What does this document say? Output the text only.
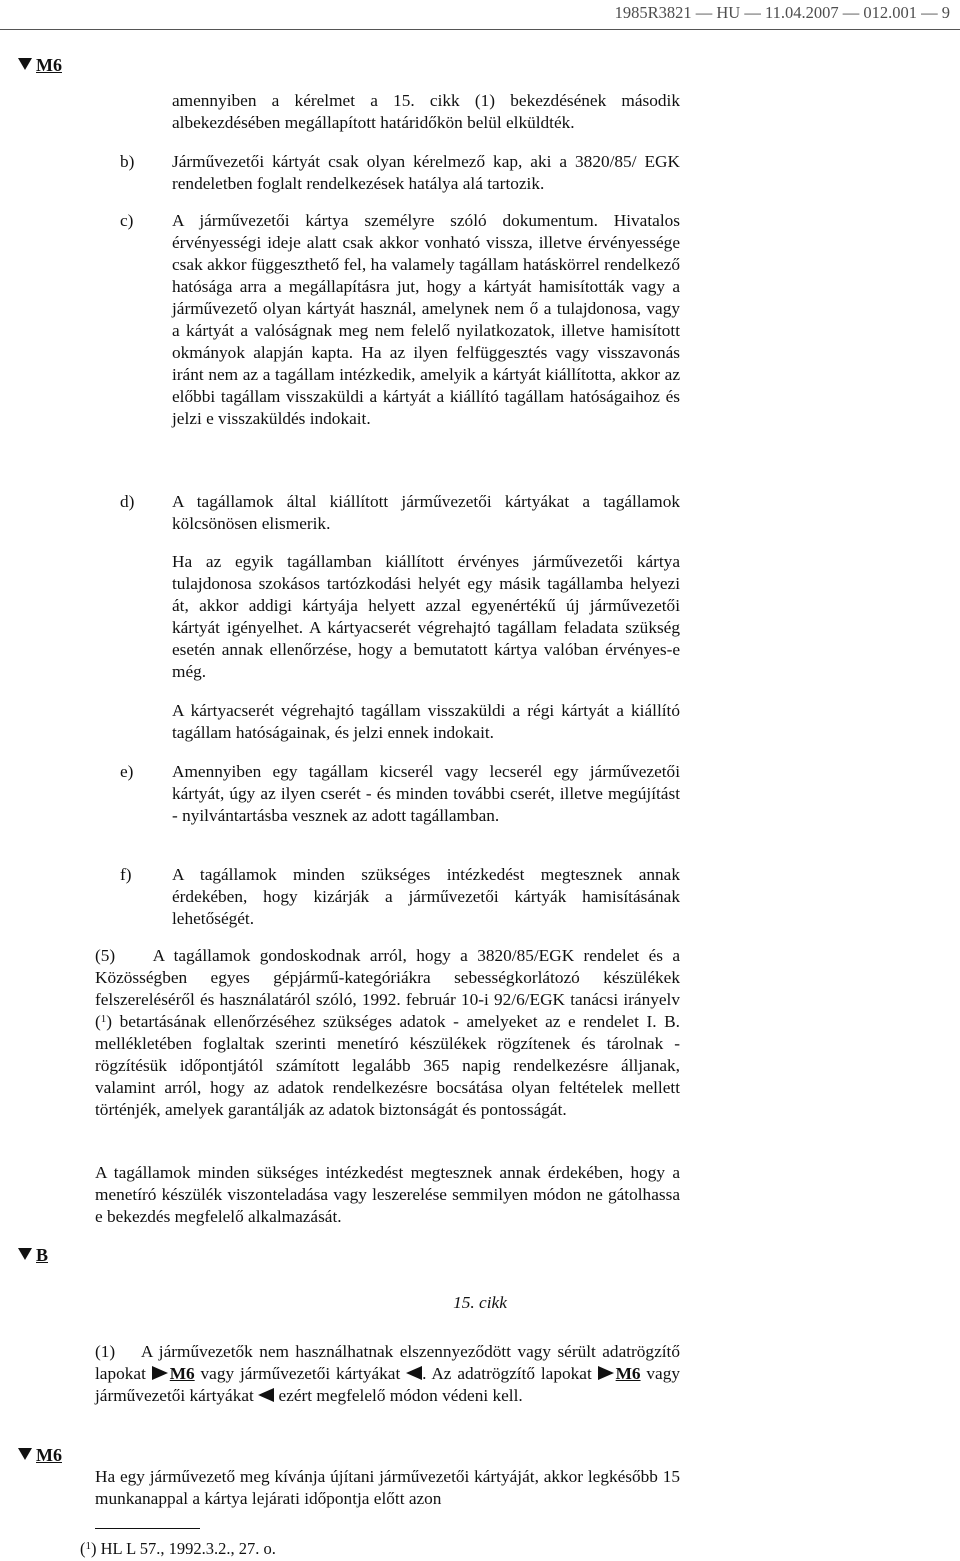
1985R3821 — HU — 11.04.2007 — 012.001 — 9
M6
B
M6

amennyiben a kérelmet a 15. cikk (1) bekezdésének második albekezdésében megállapított határidőkön belül elküldték.

b) Járművezetői kártyát csak olyan kérelmező kap, aki a 3820/85/ EGK rendeletben foglalt rendelkezések hatálya alá tartozik.

c) A járművezetői kártya személyre szóló dokumentum. Hivatalos érvényességi ideje alatt csak akkor vonható vissza, illetve érvényessége csak akkor függeszthető fel, ha valamely tagállam hatáskörrel rendelkező hatósága arra a megállapításra jut, hogy a kártyát hamisították vagy a járművezető olyan kártyát használ, amelynek nem ő a tulajdonosa, vagy a kártyát a valóságnak meg nem felelő nyilatkozatok, illetve hamisított okmányok alapján kapta. Ha az ilyen felfüggesztés vagy visszavonás iránt nem az a tagállam intézkedik, amelyik a kártyát kiállította, akkor az előbbi tagállam visszaküldi a kártyát a kiállító tagállam hatóságaihoz és jelzi e visszaküldés indokait.

d) A tagállamok által kiállított járművezetői kártyákat a tagállamok kölcsönösen elismerik.

Ha az egyik tagállamban kiállított érvényes járművezetői kártya tulajdonosa szokásos tartózkodási helyét egy másik tagállamba helyezi át, akkor addigi kártyája helyett azzal egyenértékű új járművezetői kártyát igényelhet. A kártyacserét végrehajtó tagállam feladata szükség esetén annak ellenőrzése, hogy a bemutatott kártya valóban érvényes-e még.

A kártyacserét végrehajtó tagállam visszaküldi a régi kártyát a kiállító tagállam hatóságainak, és jelzi ennek indokait.

e) Amennyiben egy tagállam kicserél vagy lecserél egy járművezetői kártyát, úgy az ilyen cserét - és minden további cserét, illetve megújítást - nyilvántartásba vesznek az adott tagállamban.

f) A tagállamok minden szükséges intézkedést megtesznek annak érdekében, hogy kizárják a járművezetői kártyák hamisításának lehetőségét.

(5) A tagállamok gondoskodnak arról, hogy a 3820/85/EGK rendelet és a Közösségben egyes gépjármű-kategóriákra sebességkorlátozó készülékek felszereléséről és használatáról szóló, 1992. február 10-i 92/6/EGK tanácsi irányelv ($^1$) betartásának ellenőrzéséhez szükséges adatok - amelyeket az e rendelet I. B. mellékletében foglaltak szerinti menetíró készülékek rögzítenek és tárolnak - rögzítésük időpontjától számított legalább 365 napig rendelkezésre álljanak, valamint arról, hogy az adatok rendelkezésre bocsátása olyan feltételek mellett történjék, amelyek garantálják az adatok biztonságát és pontosságát.

A tagállamok minden sükséges intézkedést megtesznek annak érdekében, hogy a menetíró készülék viszonteladása vagy leszerelése semmilyen módon ne gátolhassa e bekezdés megfelelő alkalmazását.

15. cikk

(1) A járművezetők nem használhatnak elszennyeződött vagy sérült adatrögzítő lapokat M6 vagy járművezetői kártyákat . Az adatrögzítő lapokat M6 vagy járművezetői kártyákat ezért megfelelő módon védeni kell.

Ha egy járművezető meg kívánja újítani járművezetői kártyáját, akkor legkésőbb 15 munkanappal a kártya lejárati időpontja előtt azon

($^1$) HL L 57., 1992.3.2., 27. o.
